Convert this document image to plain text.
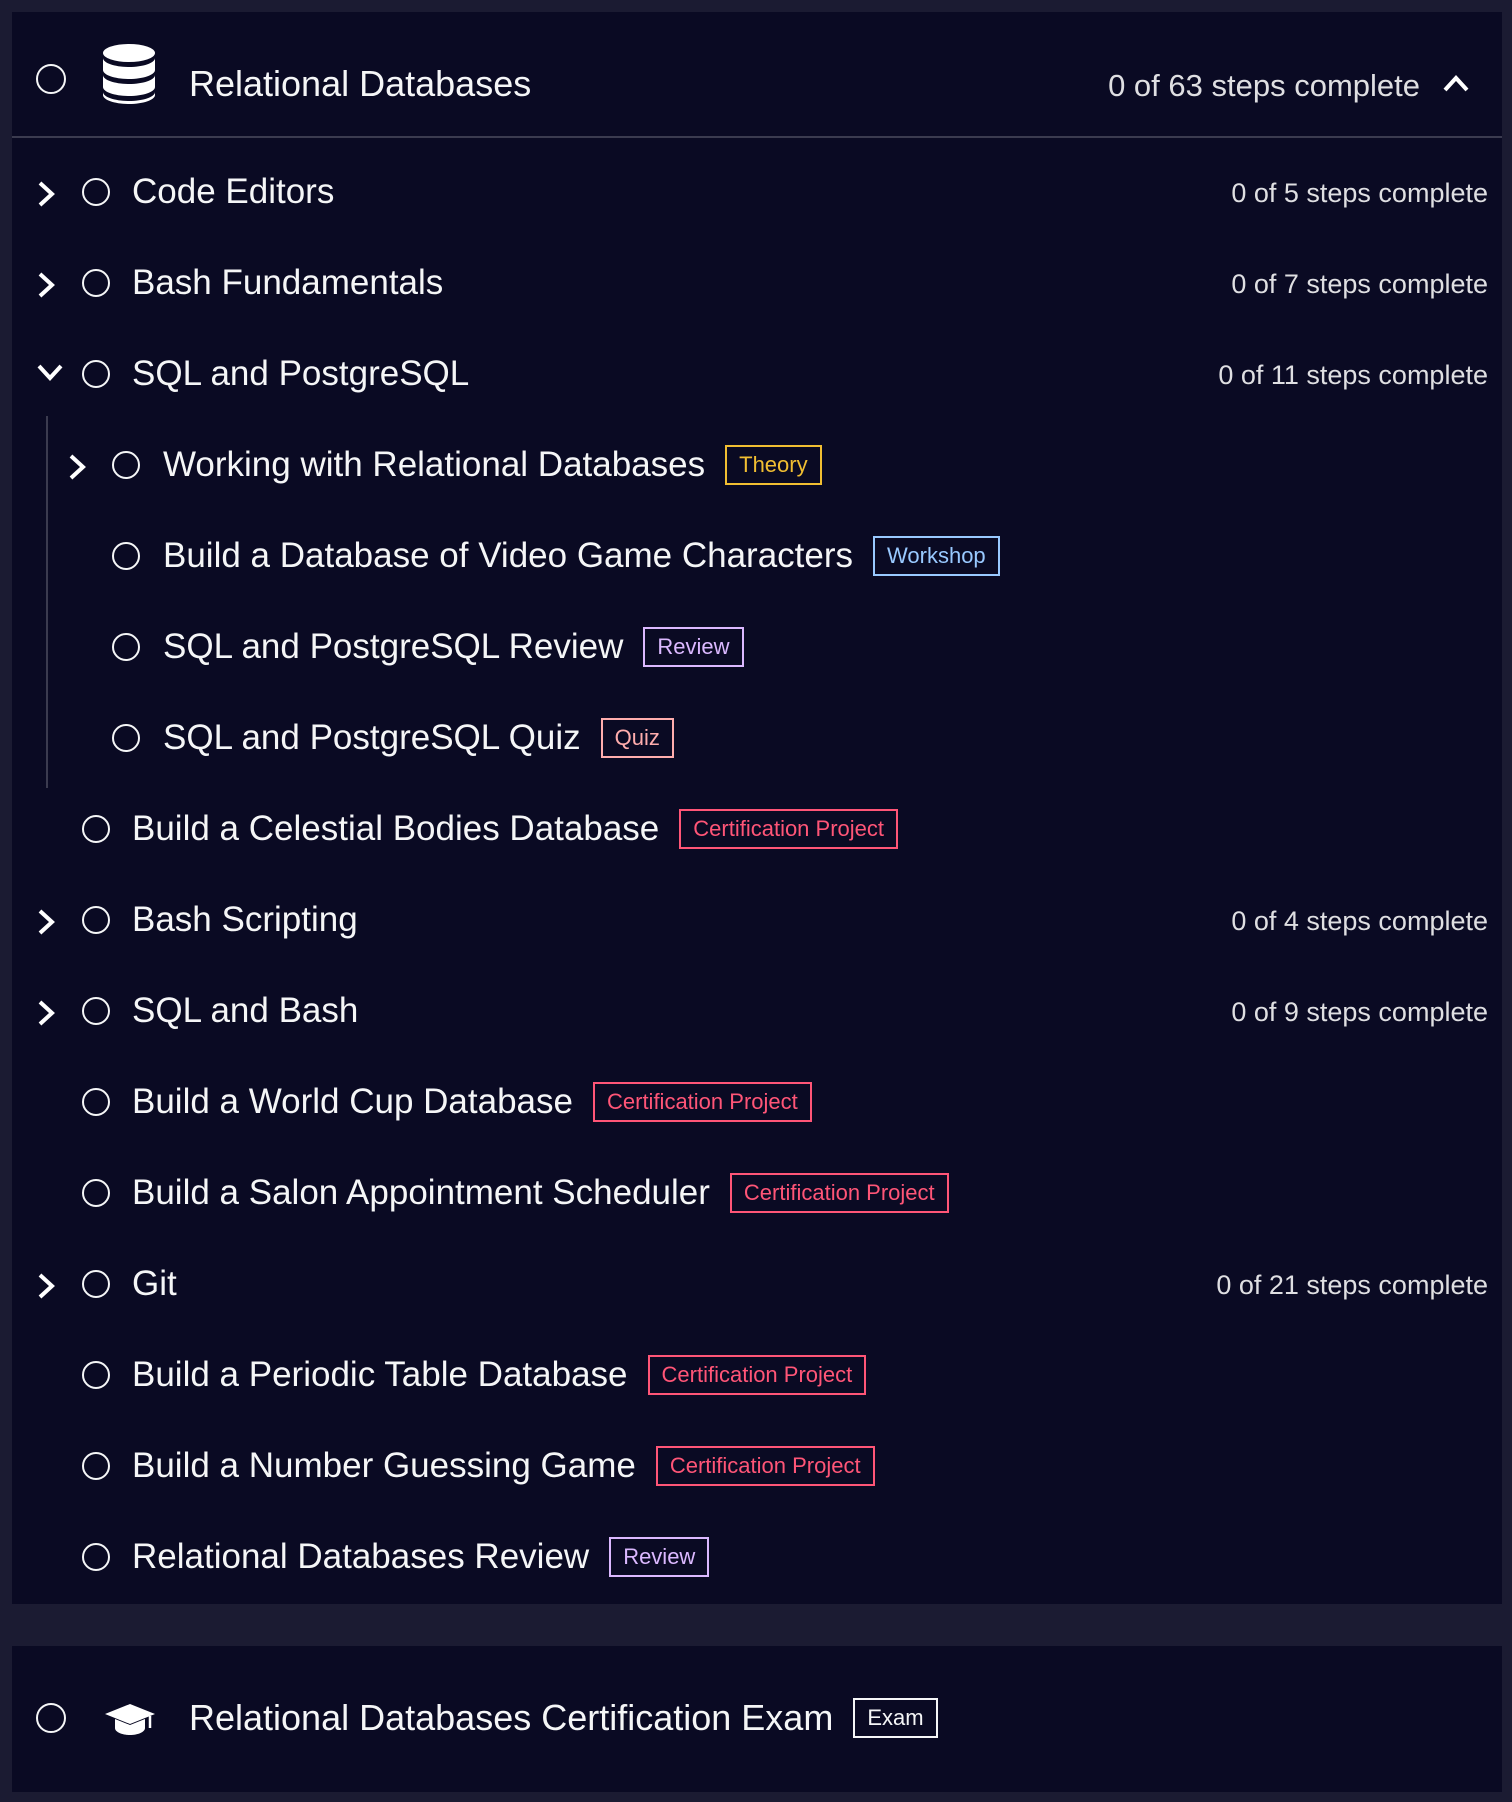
Relational Databases	0 of 63 steps complete
Code Editors	0 of 5 steps complete
Bash Fundamentals	0 of 7 steps complete
SQL and PostgreSQL	0 of 11 steps complete
Working with Relational Databases	Theory
Build a Database of Video Game Characters	Workshop
SQL and PostgreSQL Review	Review
SQL and PostgreSQL Quiz	Quiz
Build a Celestial Bodies Database	Certification Project
Bash Scripting	0 of 4 steps complete
SQL and Bash	0 of 9 steps complete
Build a World Cup Database	Certification Project
Build a Salon Appointment Scheduler	Certification Project
Git	0 of 21 steps complete
Build a Periodic Table Database	Certification Project
Build a Number Guessing Game	Certification Project
Relational Databases Review	Review
Relational Databases Certification Exam	Exam
